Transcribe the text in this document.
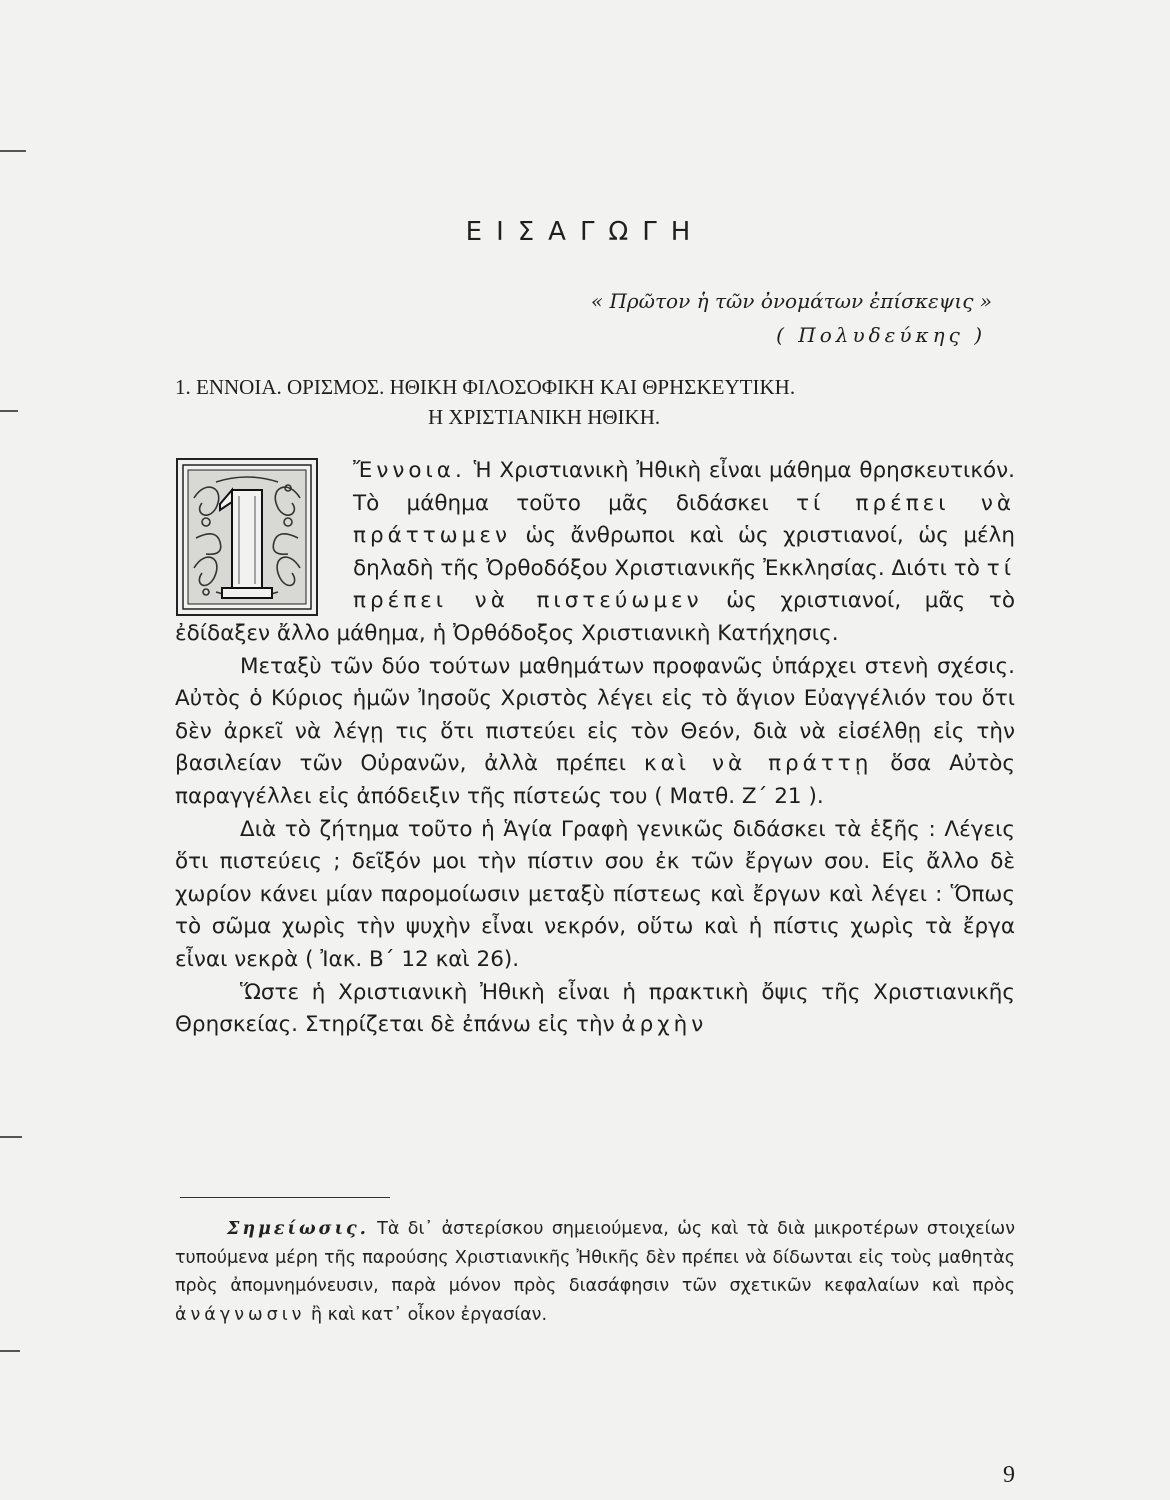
ΕΙΣΑΓΩΓΗ
« Πρῶτον ἡ τῶν ὀνομάτων ἐπίσκεψις »
( Πολυδεύκης )
1. ΕΝΝΟΙΑ. ΟΡΙΣΜΟΣ. ΗΘΙΚΗ ΦΙΛΟΣΟΦΙΚΗ ΚΑΙ ΘΡΗΣΚΕΥΤΙΚΗ.
Η ΧΡΙΣΤΙΑΝΙΚΗ ΗΘΙΚΗ.
1

Ἔννοια. Ἡ Χριστιανικὴ Ἠθικὴ εἶναι μάθημα θρησκευτικόν. Τὸ μάθημα τοῦτο μᾶς διδάσκει τί πρέπει νὰ πράττωμεν ὡς ἄνθρωποι καὶ ὡς χριστιανοί, ὡς μέλη δηλαδὴ τῆς Ὀρθοδόξου Χριστιανικῆς Ἐκκλησίας. Διότι τὸ τί πρέπει νὰ πιστεύωμεν ὡς χριστιανοί, μᾶς τὸ ἐδίδαξεν ἄλλο μάθημα, ἡ Ὀρθόδοξος Χριστιανικὴ Κατήχησις.

Μεταξὺ τῶν δύο τούτων μαθημάτων προφανῶς ὑπάρχει στενὴ σχέσις. Αὐτὸς ὁ Κύριος ἡμῶν Ἰησοῦς Χριστὸς λέγει εἰς τὸ ἅγιον Εὐαγγέλιόν του ὅτι δὲν ἀρκεῖ νὰ λέγῃ τις ὅτι πιστεύει εἰς τὸν Θεόν, διὰ νὰ εἰσέλθῃ εἰς τὴν βασιλείαν τῶν Οὐρανῶν, ἀλλὰ πρέπει καὶ νὰ πράττῃ ὅσα Αὐτὸς παραγγέλλει εἰς ἀπόδειξιν τῆς πίστεώς του ( Ματθ. Ζ΄ 21 ).

Διὰ τὸ ζήτημα τοῦτο ἡ Ἁγία Γραφὴ γενικῶς διδάσκει τὰ ἑξῆς : Λέγεις ὅτι πιστεύεις ; δεῖξόν μοι τὴν πίστιν σου ἐκ τῶν ἔργων σου. Εἰς ἄλλο δὲ χωρίον κάνει μίαν παρομοίωσιν μεταξὺ πίστεως καὶ ἔργων καὶ λέγει : Ὅπως τὸ σῶμα χωρὶς τὴν ψυχὴν εἶναι νεκρόν, οὕτω καὶ ἡ πίστις χωρὶς τὰ ἔργα εἶναι νεκρὰ ( Ἰακ. Β΄ 12 καὶ 26).

Ὥστε ἡ Χριστιανικὴ Ἠθικὴ εἶναι ἡ πρακτικὴ ὄψις τῆς Χριστιανικῆς Θρησκείας. Στηρίζεται δὲ ἐπάνω εἰς τὴν ἀρχὴν

Σημείωσις. Τὰ δι᾽ ἀστερίσκου σημειούμενα, ὡς καὶ τὰ διὰ μικροτέρων στοιχείων τυπούμενα μέρη τῆς παρούσης Χριστιανικῆς Ἠθικῆς δὲν πρέπει νὰ δίδωνται εἰς τοὺς μαθητὰς πρὸς ἀπομνημόνευσιν, παρὰ μόνον πρὸς διασάφησιν τῶν σχετικῶν κεφαλαίων καὶ πρὸς ἀνάγνωσιν ἢ καὶ κατ᾽ οἶκον ἐργασίαν.
9
